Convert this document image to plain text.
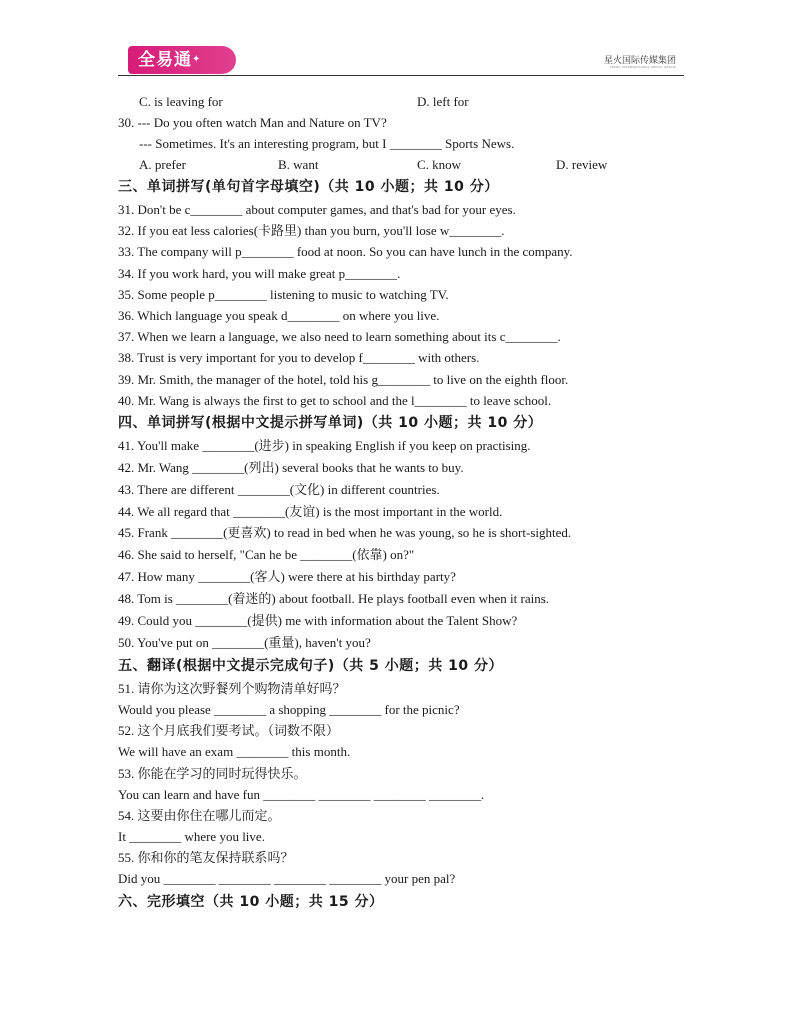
全易通✦	星火国际传媒集团
SPARK INTERNATIONAL MEDIA GROUP
C. is leaving for	D. left for
30. --- Do you often watch Man and Nature on TV?
--- Sometimes. It's an interesting program, but I ________ Sports News.
A. prefer	B. want	C. know	D. review
三、单词拼写(单句首字母填空)（共 10 小题；共 10 分）
31. Don't be c________ about computer games, and that's bad for your eyes.
32. If you eat less calories(卡路里) than you burn, you'll lose w________.
33. The company will p________ food at noon. So you can have lunch in the company.
34. If you work hard, you will make great p________.
35. Some people p________ listening to music to watching TV.
36. Which language you speak d________ on where you live.
37. When we learn a language, we also need to learn something about its c________.
38. Trust is very important for you to develop f________ with others.
39. Mr. Smith, the manager of the hotel, told his g________ to live on the eighth floor.
40. Mr. Wang is always the first to get to school and the l________ to leave school.
四、单词拼写(根据中文提示拼写单词)（共 10 小题；共 10 分）
41. You'll make ________(进步) in speaking English if you keep on practising.
42. Mr. Wang ________(列出) several books that he wants to buy.
43. There are different ________(文化) in different countries.
44. We all regard that ________(友谊) is the most important in the world.
45. Frank ________(更喜欢) to read in bed when he was young, so he is short-sighted.
46. She said to herself, "Can he be ________(依靠) on?"
47. How many ________(客人) were there at his birthday party?
48. Tom is ________(着迷的) about football. He plays football even when it rains.
49. Could you ________(提供) me with information about the Talent Show?
50. You've put on ________(重量), haven't you?
五、翻译(根据中文提示完成句子)（共 5 小题；共 10 分）
51. 请你为这次野餐列个购物清单好吗？
Would you please ________ a shopping ________ for the picnic?
52. 这个月底我们要考试。（词数不限）
We will have an exam ________ this month.
53. 你能在学习的同时玩得快乐。
You can learn and have fun ________ ________ ________ ________.
54. 这要由你住在哪儿而定。
It ________ where you live.
55. 你和你的笔友保持联系吗？
Did you ________ ________ ________ ________ your pen pal?
六、完形填空（共 10 小题；共 15 分）
